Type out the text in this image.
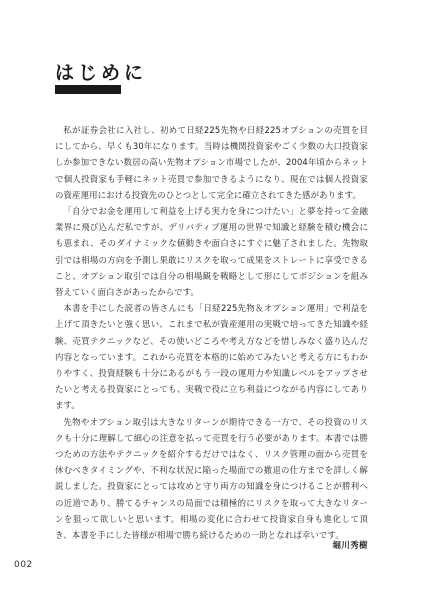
はじめに

私が証券会社に入社し、初めて日経225先物や日経225オプションの売買を目にしてから、早くも30年になります。当時は機関投資家やごく少数の大口投資家しか参加できない数居の高い先物オプション市場でしたが、2004年頃からネットで個人投資家も手軽にネット売買で参加できるようになり、現在では個人投資家の資産運用における投資先のひとつとして完全に確立されてきた感があります。

「自分でお金を運用して利益を上げる実力を身につけたい」と夢を持って金融業界に飛び込んだ私ですが、デリバティブ運用の世界で知識と経験を積む機会にも恵まれ、そのダイナミックな値動きや面白さにすぐに魅了されました。先物取引では相場の方向を予測し果敢にリスクを取って成果をストレートに享受できること、オプション取引では自分の相場観を戦略として形にしてポジションを組み替えていく面白さがあったからです。

本書を手にした読者の皆さんにも「日経225先物＆オプション運用」で利益を上げて頂きたいと強く思い、これまで私が資産運用の実戦で培ってきた知識や経験、売買テクニックなど、その使いどころや考え方などを惜しみなく盛り込んだ内容となっています。これから売買を本格的に始めてみたいと考える方にもわかりやすく、投資経験も十分にあるがもう一段の運用力や知識レベルをアップさせたいと考える投資家にとっても、実戦で役に立ち利益につながる内容にしてあります。

先物やオプション取引は大きなリターンが期待できる一方で、その投資のリスクも十分に理解して細心の注意を払って売買を行う必要があります。本書では勝つための方法やテクニックを紹介するだけではなく、リスク管理の面から売買を休むべきタイミングや、不利な状況に陥った場面での撤退の仕方までを詳しく解説しました。投資家にとっては攻めと守り両方の知識を身につけることが勝利への近道であり、勝てるチャンスの局面では積極的にリスクを取って大きなリターンを狙って欲しいと思います。相場の変化に合わせて投資家自身も進化して頂き、本書を手にした皆様が相場で勝ち続けるための一助となれば幸いです。

堀川秀樹
002
